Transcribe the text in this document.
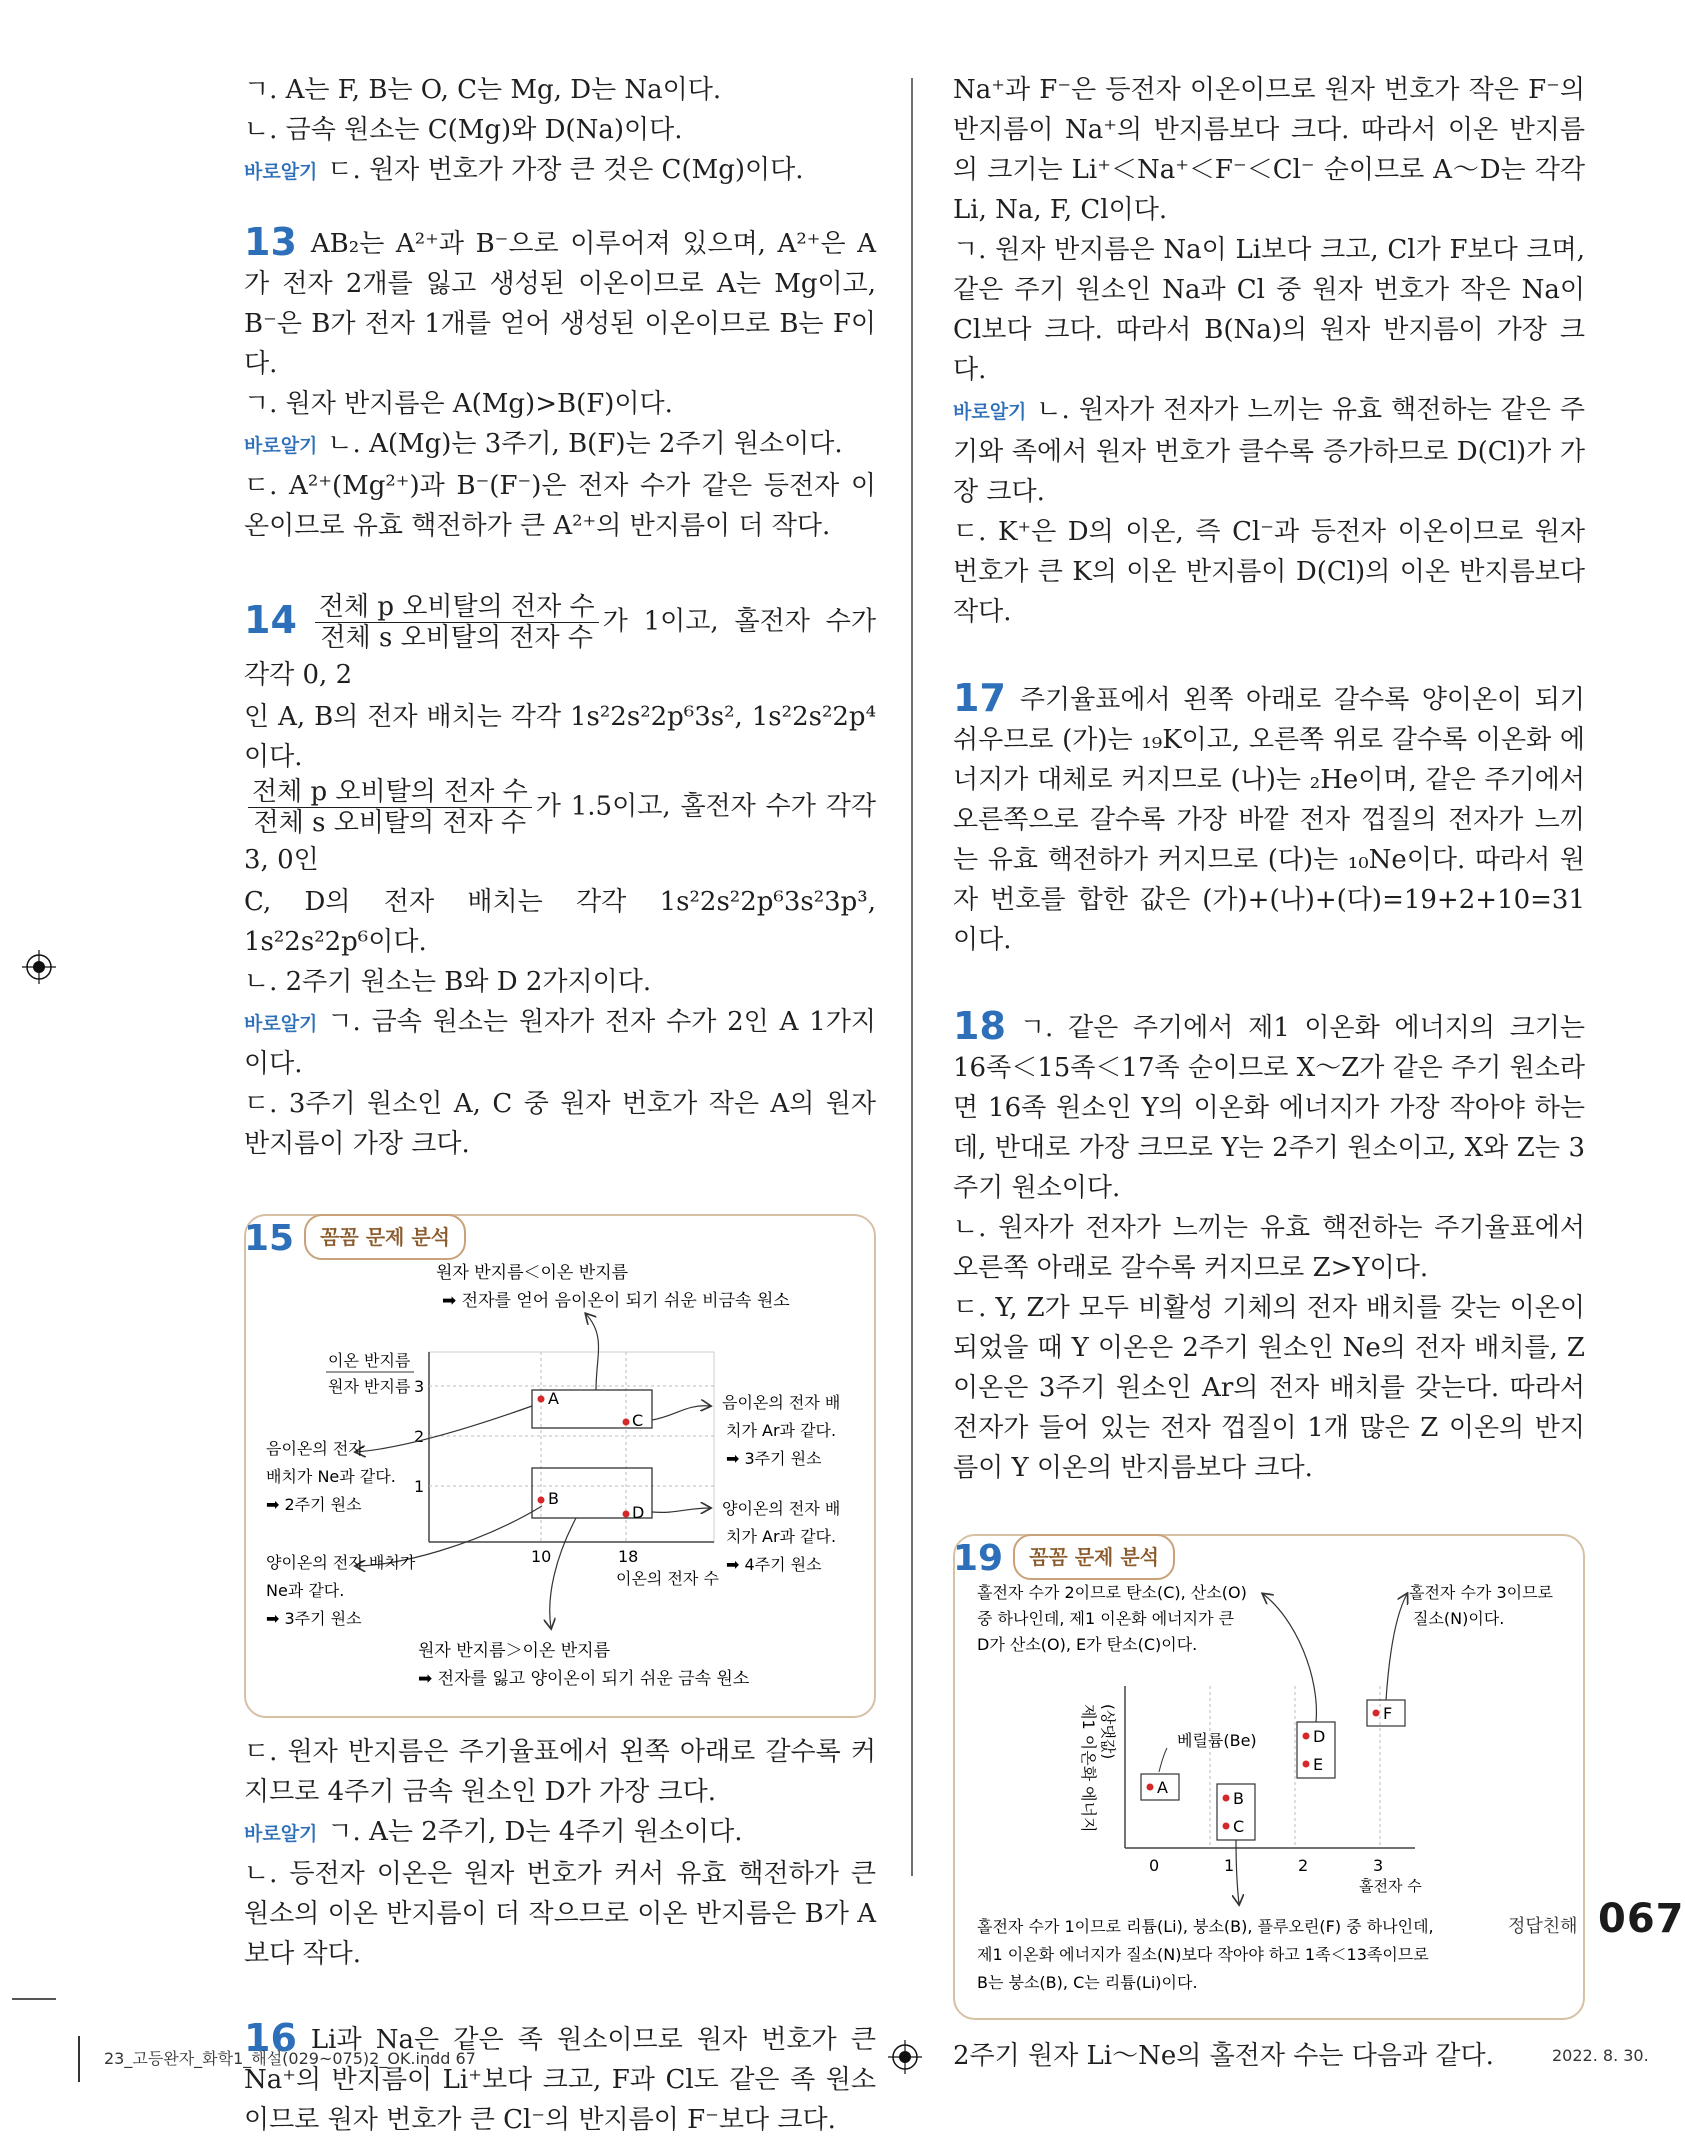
ㄱ. A는 F, B는 O, C는 Mg, D는 Na이다.

ㄴ. 금속 원소는 C(Mg)와 D(Na)이다.

바로알기 ㄷ. 원자 번호가 가장 큰 것은 C(Mg)이다.

13 AB₂는 A²⁺과 B⁻으로 이루어져 있으며, A²⁺은 A가 전자 2개를 잃고 생성된 이온이므로 A는 Mg이고, B⁻은 B가 전자 1개를 얻어 생성된 이온이므로 B는 F이다.

ㄱ. 원자 반지름은 A(Mg)>B(F)이다.

바로알기 ㄴ. A(Mg)는 3주기, B(F)는 2주기 원소이다.

ㄷ. A²⁺(Mg²⁺)과 B⁻(F⁻)은 전자 수가 같은 등전자 이온이므로 유효 핵전하가 큰 A²⁺의 반지름이 더 작다.

$14 \frac{\text{전체 p 오비탈의 전자 수}}{\text{전체 s 오비탈의 전자 수}}$ 가 1이고, 홀전자 수가 각각 0, 2

인 A, B의 전자 배치는 각각 1s²2s²2p⁶3s², 1s²2s²2p⁴이다.

$\frac{\text{전체 p 오비탈의 전자 수}}{\text{전체 s 오비탈의 전자 수}}$ 가 1.5이고, 홀전자 수가 각각 3, 0인

C, D의 전자 배치는 각각 1s²2s²2p⁶3s²3p³, 1s²2s²2p⁶이다.

ㄴ. 2주기 원소는 B와 D 2가지이다.

바로알기 ㄱ. 금속 원소는 원자가 전자 수가 2인 A 1가지이다.

ㄷ. 3주기 원소인 A, C 중 원자 번호가 작은 A의 원자 반지름이 가장 크다.

15 꼼꼼 문제 분석
원자 반지름＜이온 반지름
➡ 전자를 얻어 음이온이 되기 쉬운 비금속 원소
이온 반지름
원자 반지름 3
2
1
10	18
이온의 전자 수
A
C
B
D
음이온의 전자
배치가 Ne과 같다.
➡ 2주기 원소
양이온의 전자 배치가
Ne과 같다.
➡ 3주기 원소
음이온의 전자 배
치가 Ar과 같다.
➡ 3주기 원소
양이온의 전자 배
치가 Ar과 같다.
➡ 4주기 원소
원자 반지름＞이온 반지름
➡ 전자를 잃고 양이온이 되기 쉬운 금속 원소

ㄷ. 원자 반지름은 주기율표에서 왼쪽 아래로 갈수록 커지므로 4주기 금속 원소인 D가 가장 크다.

바로알기 ㄱ. A는 2주기, D는 4주기 원소이다.

ㄴ. 등전자 이온은 원자 번호가 커서 유효 핵전하가 큰 원소의 이온 반지름이 더 작으므로 이온 반지름은 B가 A보다 작다.

16 Li과 Na은 같은 족 원소이므로 원자 번호가 큰 Na⁺의 반지름이 Li⁺보다 크고, F과 Cl도 같은 족 원소이므로 원자 번호가 큰 Cl⁻의 반지름이 F⁻보다 크다.

Na⁺과 F⁻은 등전자 이온이므로 원자 번호가 작은 F⁻의 반지름이 Na⁺의 반지름보다 크다. 따라서 이온 반지름의 크기는 Li⁺＜Na⁺＜F⁻＜Cl⁻ 순이므로 A～D는 각각 Li, Na, F, Cl이다.

ㄱ. 원자 반지름은 Na이 Li보다 크고, Cl가 F보다 크며, 같은 주기 원소인 Na과 Cl 중 원자 번호가 작은 Na이 Cl보다 크다. 따라서 B(Na)의 원자 반지름이 가장 크다.

바로알기 ㄴ. 원자가 전자가 느끼는 유효 핵전하는 같은 주기와 족에서 원자 번호가 클수록 증가하므로 D(Cl)가 가장 크다.

ㄷ. K⁺은 D의 이온, 즉 Cl⁻과 등전자 이온이므로 원자 번호가 큰 K의 이온 반지름이 D(Cl)의 이온 반지름보다 작다.

17 주기율표에서 왼쪽 아래로 갈수록 양이온이 되기 쉬우므로 (가)는 ₁₉K이고, 오른쪽 위로 갈수록 이온화 에너지가 대체로 커지므로 (나)는 ₂He이며, 같은 주기에서 오른쪽으로 갈수록 가장 바깥 전자 껍질의 전자가 느끼는 유효 핵전하가 커지므로 (다)는 ₁₀Ne이다. 따라서 원자 번호를 합한 값은 (가)+(나)+(다)=19+2+10=31이다.

18 ㄱ. 같은 주기에서 제1 이온화 에너지의 크기는 16족＜15족＜17족 순이므로 X～Z가 같은 주기 원소라면 16족 원소인 Y의 이온화 에너지가 가장 작아야 하는데, 반대로 가장 크므로 Y는 2주기 원소이고, X와 Z는 3주기 원소이다.

ㄴ. 원자가 전자가 느끼는 유효 핵전하는 주기율표에서 오른쪽 아래로 갈수록 커지므로 Z>Y이다.

ㄷ. Y, Z가 모두 비활성 기체의 전자 배치를 갖는 이온이 되었을 때 Y 이온은 2주기 원소인 Ne의 전자 배치를, Z 이온은 3주기 원소인 Ar의 전자 배치를 갖는다. 따라서 전자가 들어 있는 전자 껍질이 1개 많은 Z 이온의 반지름이 Y 이온의 반지름보다 크다.

19 꼼꼼 문제 분석
홀전자 수가 2이므로 탄소(C), 산소(O)
중 하나인데, 제1 이온화 에너지가 큰
D가 산소(O), E가 탄소(C)이다.
홀전자 수가 3이므로
질소(N)이다.
제1 이온화 에너지 (상댓값)
0	1	2	3
홀전자 수
A
베릴륨(Be)
B
C
D
E
F
홀전자 수가 1이므로 리튬(Li), 붕소(B), 플루오린(F) 중 하나인데,
제1 이온화 에너지가 질소(N)보다 작아야 하고 1족＜13족이므로
B는 붕소(B), C는 리튬(Li)이다.

2주기 원자 Li～Ne의 홀전자 수는 다음과 같다.

정답친해 067
23_고등완자_화학1_해설(029~075)2_OK.indd 67	2022. 8. 30.
